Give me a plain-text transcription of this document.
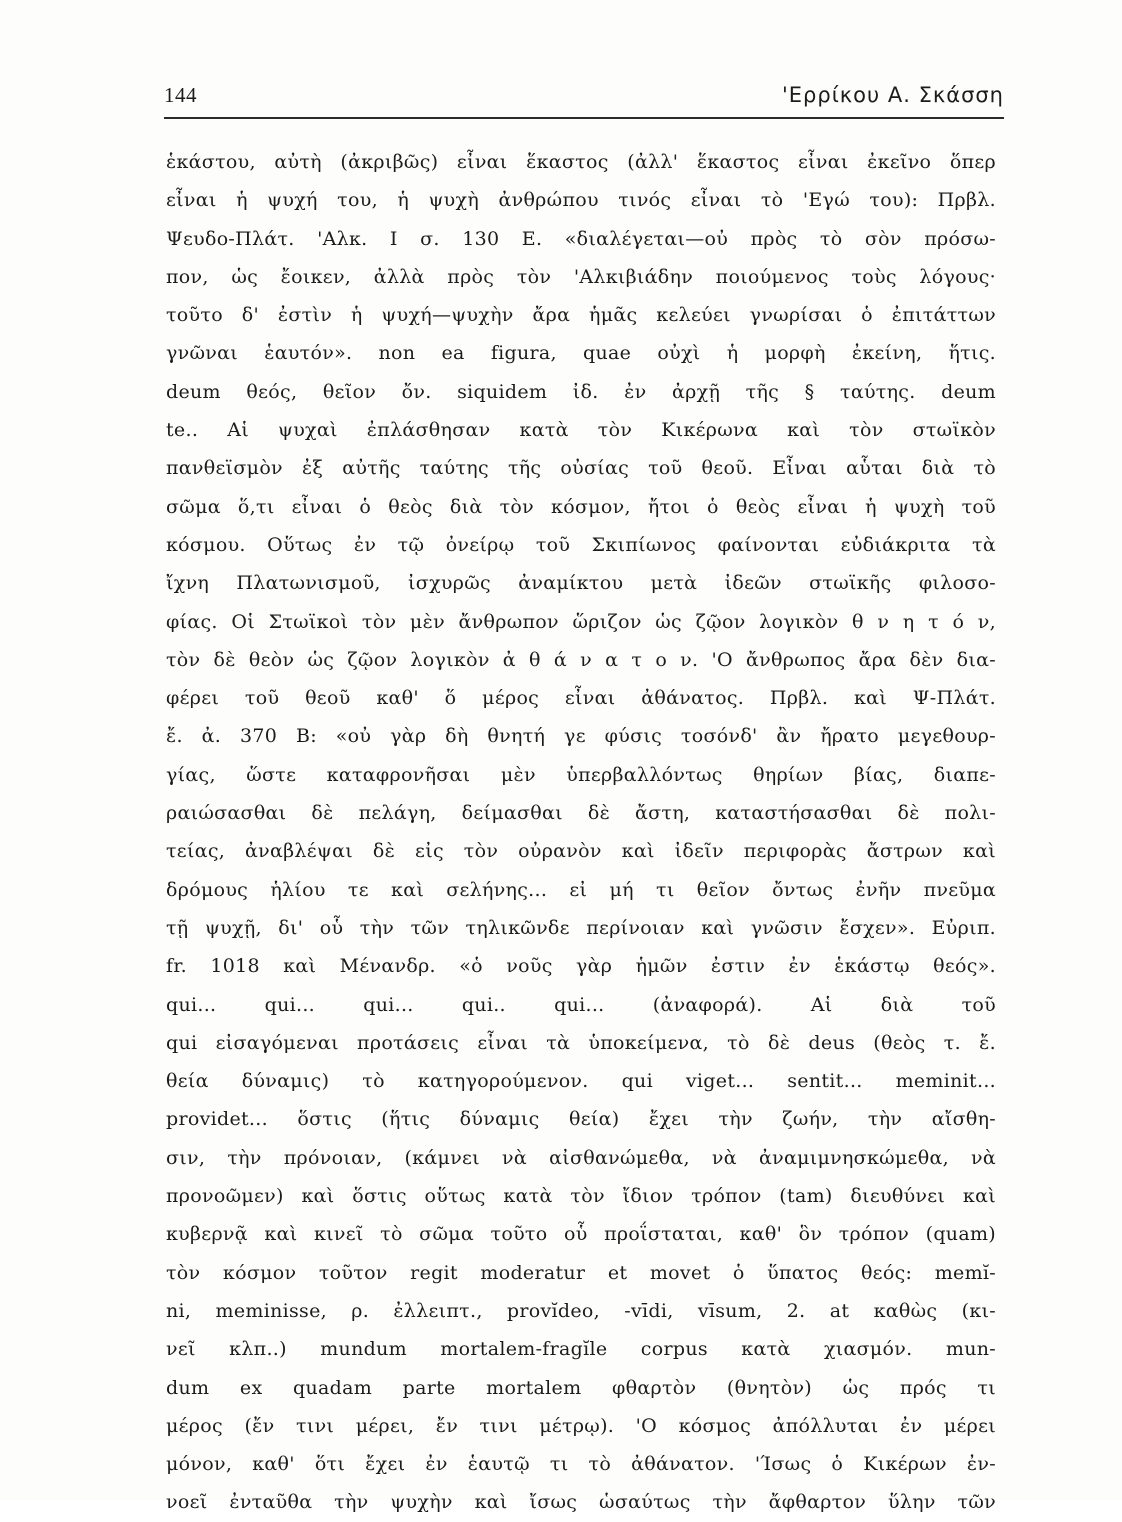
144	'Ερρίκου Α. Σκάσση
ἑκάστου, αὐτὴ (ἀκριβῶς) εἶναι ἕκαστος (ἀλλ' ἕκαστος εἶναι ἐκεῖνο ὅπερ
εἶναι ἡ ψυχή του, ἡ ψυχὴ ἀνθρώπου τινός εἶναι τὸ 'Εγώ του): Πρβλ.
Ψευδο-Πλάτ. 'Αλκ. Ι σ. 130 Ε. «διαλέγεται—οὐ πρὸς τὸ σὸν πρόσω-
πον, ὡς ἔοικεν, ἀλλὰ πρὸς τὸν 'Αλκιβιάδην ποιούμενος τοὺς λόγους·
τοῦτο δ' ἐστὶν ἡ ψυχή—ψυχὴν ἄρα ἡμᾶς κελεύει γνωρίσαι ὁ ἐπιτάττων
γνῶναι ἑαυτόν». non ea figura, quae οὐχὶ ἡ μορφὴ ἐκείνη, ἥτις.
deum θεός, θεῖον ὄν. siquidem ἰδ. ἐν ἀρχῇ τῆς § ταύτης. deum
te.. Αἱ ψυχαὶ ἐπλάσθησαν κατὰ τὸν Κικέρωνα καὶ τὸν στωϊκὸν
πανθεϊσμὸν ἐξ αὐτῆς ταύτης τῆς οὐσίας τοῦ θεοῦ. Εἶναι αὗται διὰ τὸ
σῶμα ὅ,τι εἶναι ὁ θεὸς διὰ τὸν κόσμον, ἤτοι ὁ θεὸς εἶναι ἡ ψυχὴ τοῦ
κόσμου. Οὕτως ἐν τῷ ὀνείρῳ τοῦ Σκιπίωνος φαίνονται εὐδιάκριτα τὰ
ἴχνη Πλατωνισμοῦ, ἰσχυρῶς ἀναμίκτου μετὰ ἰδεῶν στωϊκῆς φιλοσο-
φίας. Οἱ Στωϊκοὶ τὸν μὲν ἄνθρωπον ὥριζον ὡς ζῷον λογικὸν θ ν η τ ό ν,
τὸν δὲ θεὸν ὡς ζῷον λογικὸν ἀ θ ά ν α τ ο ν. 'Ο ἄνθρωπος ἄρα δὲν δια-
φέρει τοῦ θεοῦ καθ' ὅ μέρος εἶναι ἀθάνατος. Πρβλ. καὶ Ψ-Πλάτ.
ἔ. ἀ. 370 Β: «οὐ γὰρ δὴ θνητή γε φύσις τοσόνδ' ἂν ἤρατο μεγεθουρ-
γίας, ὥστε καταφρονῆσαι μὲν ὑπερβαλλόντως θηρίων βίας, διαπε-
ραιώσασθαι δὲ πελάγη, δείμασθαι δὲ ἄστη, καταστήσασθαι δὲ πολι-
τείας, ἀναβλέψαι δὲ εἰς τὸν οὐρανὸν καὶ ἰδεῖν περιφορὰς ἄστρων καὶ
δρόμους ἡλίου τε καὶ σελήνης... εἰ μή τι θεῖον ὄντως ἐνῆν πνεῦμα
τῇ ψυχῇ, δι' οὗ τὴν τῶν τηλικῶνδε περίνοιαν καὶ γνῶσιν ἔσχεν». Εὐριπ.
fr. 1018 καὶ Μένανδρ. «ὁ νοῦς γὰρ ἡμῶν ἐστιν ἐν ἑκάστῳ θεός».
qui... qui... qui... qui.. qui... (ἀναφορά). Αἱ διὰ τοῦ
qui εἰσαγόμεναι προτάσεις εἶναι τὰ ὑποκείμενα, τὸ δὲ deus (θεὸς τ. ἔ.
θεία δύναμις) τὸ κατηγορούμενον. qui viget... sentit... meminit...
providet... ὅστις (ἥτις δύναμις θεία) ἔχει τὴν ζωήν, τὴν αἴσθη-
σιν, τὴν πρόνοιαν, (κάμνει νὰ αἰσθανώμεθα, νὰ ἀναμιμνησκώμεθα, νὰ
προνοῶμεν) καὶ ὅστις οὕτως κατὰ τὸν ἴδιον τρόπον (tam) διευθύνει καὶ
κυβερνᾷ καὶ κινεῖ τὸ σῶμα τοῦτο οὗ προΐσταται, καθ' ὃν τρόπον (quam)
τὸν κόσμον τοῦτον regit moderatur et movet ὁ ὕπατος θεός: memĭ-
ni, meminisse, ρ. ἐλλειπτ., provĭdeo, -vīdi, vīsum, 2. at καθὼς (κι-
νεῖ κλπ..) mundum mortalem-fragĭle corpus κατὰ χιασμόν. mun-
dum ex quadam parte mortalem φθαρτὸν (θνητὸν) ὡς πρός τι
μέρος (ἔν τινι μέρει, ἔν τινι μέτρῳ). 'Ο κόσμος ἀπόλλυται ἐν μέρει
μόνον, καθ' ὅτι ἔχει ἐν ἑαυτῷ τι τὸ ἀθάνατον. 'Ίσως ὁ Κικέρων ἐν-
νοεῖ ἐνταῦθα τὴν ψυχὴν καὶ ἴσως ὡσαύτως τὴν ἄφθαρτον ὕλην τῶν
